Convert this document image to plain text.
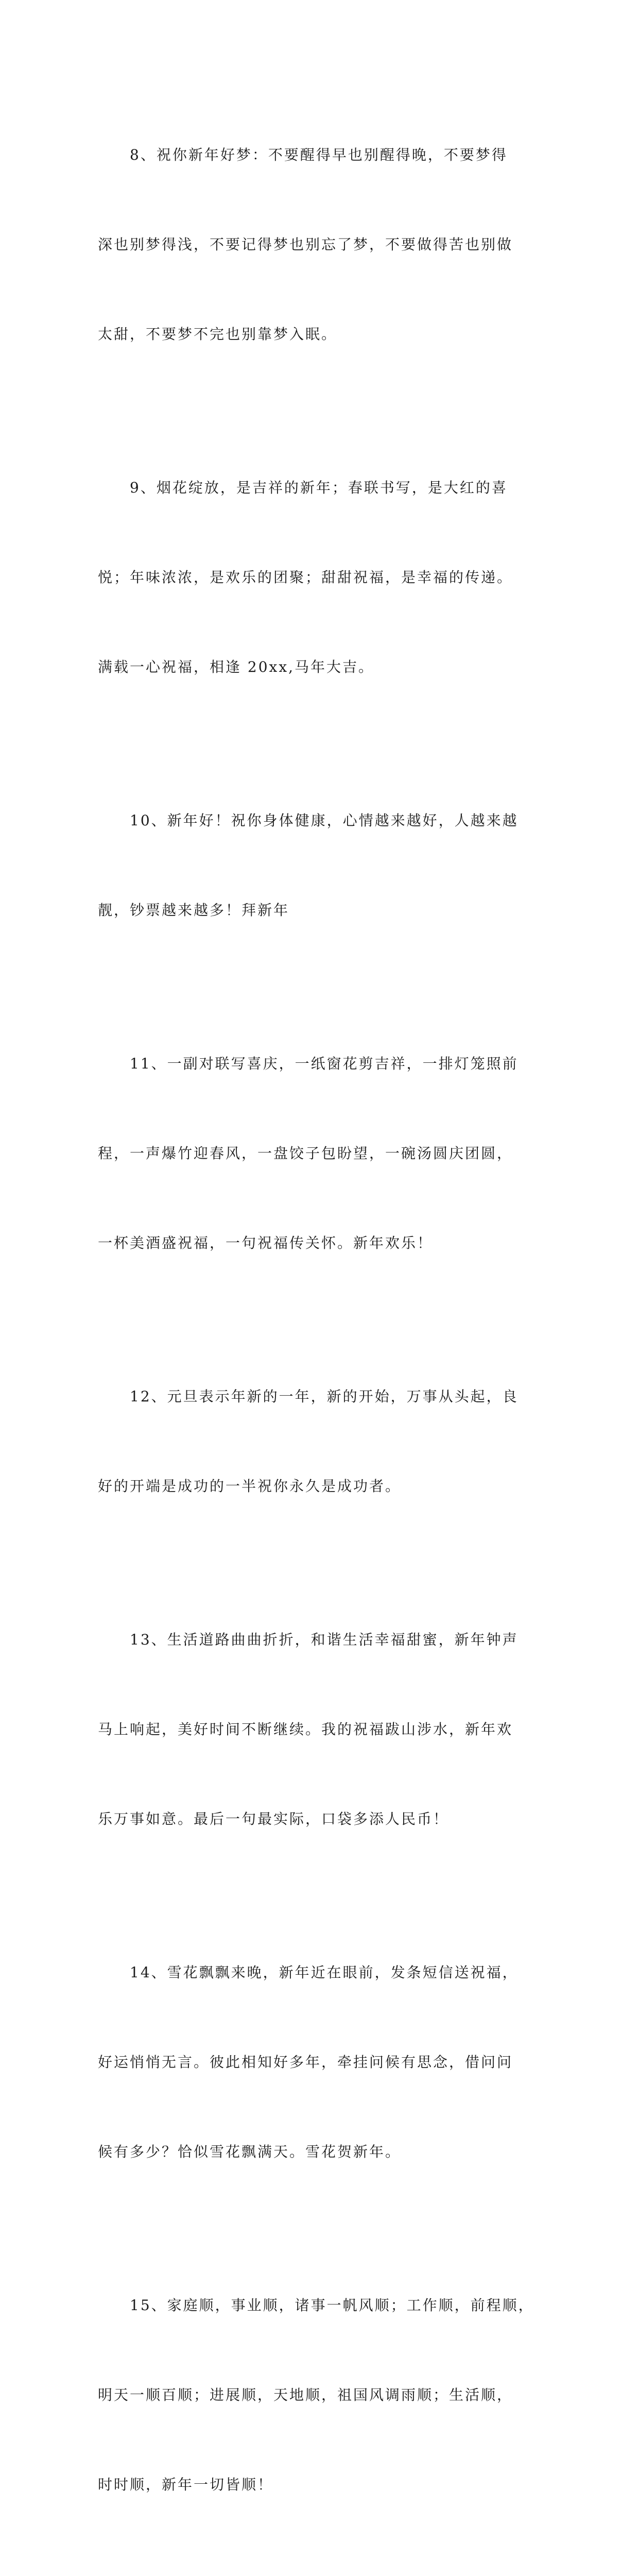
8、祝你新年好梦：不要醒得早也别醒得晚，不要梦得

深也别梦得浅，不要记得梦也别忘了梦，不要做得苦也别做

太甜，不要梦不完也别靠梦入眠。

9、烟花绽放，是吉祥的新年；春联书写，是大红的喜

悦；年味浓浓，是欢乐的团聚；甜甜祝福，是幸福的传递。

满载一心祝福，相逢 20xx,马年大吉。

10、新年好！祝你身体健康，心情越来越好，人越来越

靓，钞票越来越多！拜新年

11、一副对联写喜庆，一纸窗花剪吉祥，一排灯笼照前

程，一声爆竹迎春风，一盘饺子包盼望，一碗汤圆庆团圆，

一杯美酒盛祝福，一句祝福传关怀。新年欢乐！

12、元旦表示年新的一年，新的开始，万事从头起，良

好的开端是成功的一半祝你永久是成功者。

13、生活道路曲曲折折，和谐生活幸福甜蜜，新年钟声

马上响起，美好时间不断继续。我的祝福跋山涉水，新年欢

乐万事如意。最后一句最实际，口袋多添人民币！

14、雪花飘飘来晚，新年近在眼前，发条短信送祝福，

好运悄悄无言。彼此相知好多年，牵挂问候有思念，借问问

候有多少？恰似雪花飘满天。雪花贺新年。

15、家庭顺，事业顺，诸事一帆风顺；工作顺，前程顺，

明天一顺百顺；进展顺，天地顺，祖国风调雨顺；生活顺，

时时顺，新年一切皆顺！
